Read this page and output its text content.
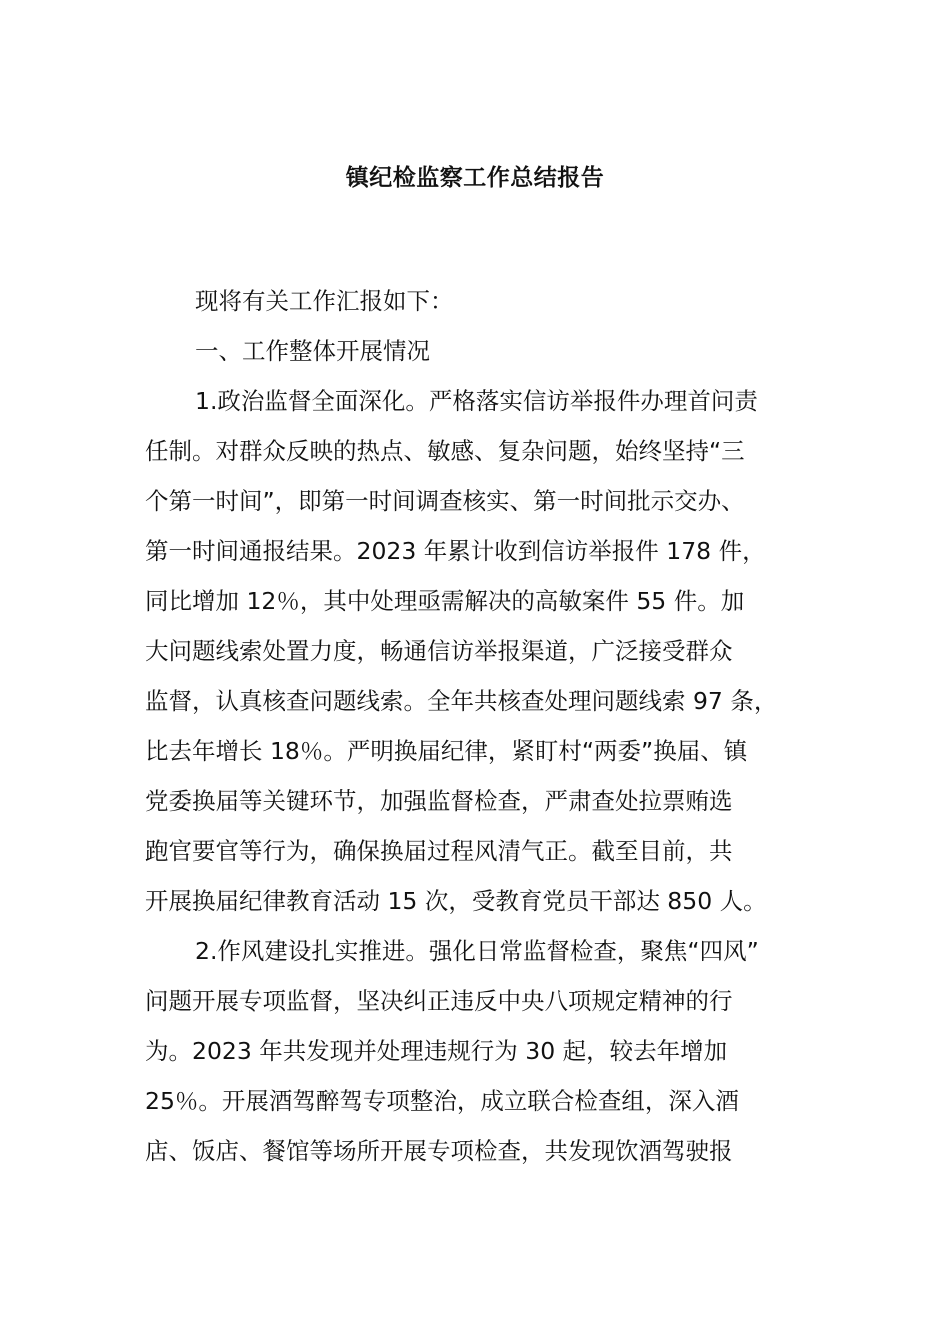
镇纪检监察工作总结报告
现将有关工作汇报如下：
一、工作整体开展情况
1.政治监督全面深化。严格落实信访举报件办理首问责
任制。对群众反映的热点、敏感、复杂问题，始终坚持“三
个第一时间”，即第一时间调查核实、第一时间批示交办、
第一时间通报结果。2023 年累计收到信访举报件 178 件，
同比增加 12％，其中处理亟需解决的高敏案件 55 件。加
大问题线索处置力度，畅通信访举报渠道，广泛接受群众
监督，认真核查问题线索。全年共核查处理问题线索 97 条，
比去年增长 18％。严明换届纪律，紧盯村“两委”换届、镇
党委换届等关键环节，加强监督检查，严肃查处拉票贿选
跑官要官等行为，确保换届过程风清气正。截至目前，共
开展换届纪律教育活动 15 次，受教育党员干部达 850 人。
2.作风建设扎实推进。强化日常监督检查，聚焦“四风”
问题开展专项监督，坚决纠正违反中央八项规定精神的行
为。2023 年共发现并处理违规行为 30 起，较去年增加
25％。开展酒驾醉驾专项整治，成立联合检查组，深入酒
店、饭店、餐馆等场所开展专项检查，共发现饮酒驾驶报
